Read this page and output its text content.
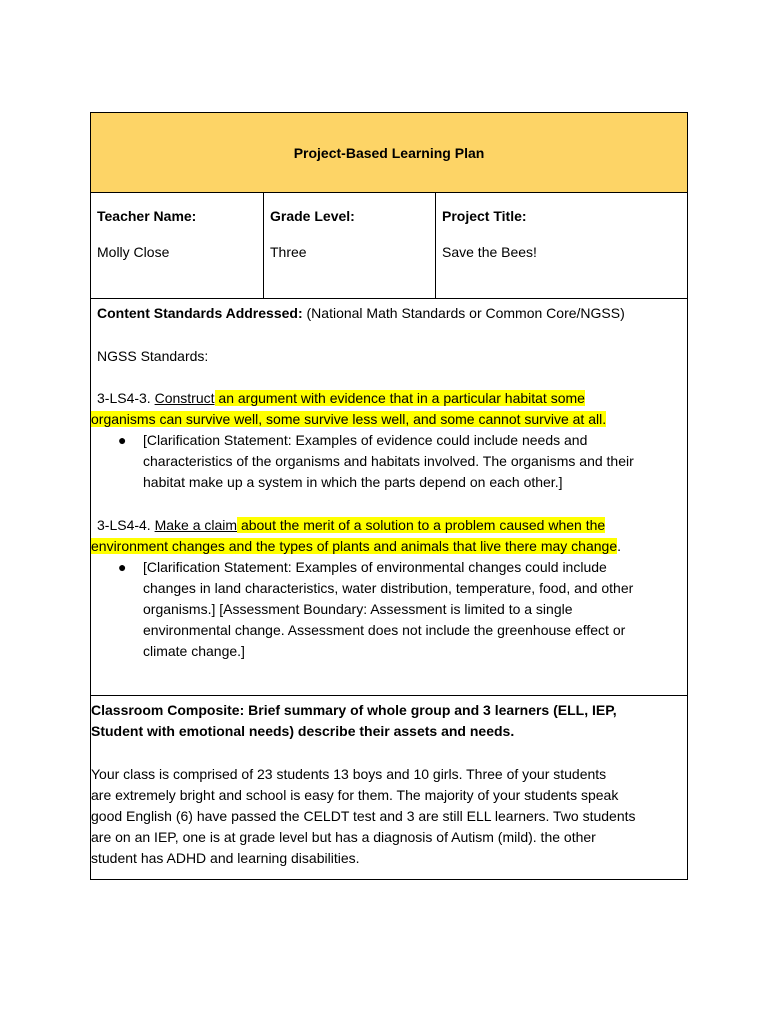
Project-Based Learning Plan

Teacher Name:
Molly Close

Grade Level:
Three

Project Title:
Save the Bees!

Content Standards Addressed: (National Math Standards or Common Core/NGSS)
NGSS Standards:
3-LS4-3. Construct an argument with evidence that in a particular habitat some
organisms can survive well, some survive less well, and some cannot survive at all.
● [Clarification Statement: Examples of evidence could include needs and
characteristics of the organisms and habitats involved. The organisms and their
habitat make up a system in which the parts depend on each other.]
3-LS4-4. Make a claim about the merit of a solution to a problem caused when the
environment changes and the types of plants and animals that live there may change.
● [Clarification Statement: Examples of environmental changes could include
changes in land characteristics, water distribution, temperature, food, and other
organisms.] [Assessment Boundary: Assessment is limited to a single
environmental change. Assessment does not include the greenhouse effect or
climate change.]

Classroom Composite: Brief summary of whole group and 3 learners (ELL, IEP,
Student with emotional needs) describe their assets and needs.
Your class is comprised of 23 students 13 boys and 10 girls. Three of your students
are extremely bright and school is easy for them. The majority of your students speak
good English (6) have passed the CELDT test and 3 are still ELL learners. Two students
are on an IEP, one is at grade level but has a diagnosis of Autism (mild). the other
student has ADHD and learning disabilities.
